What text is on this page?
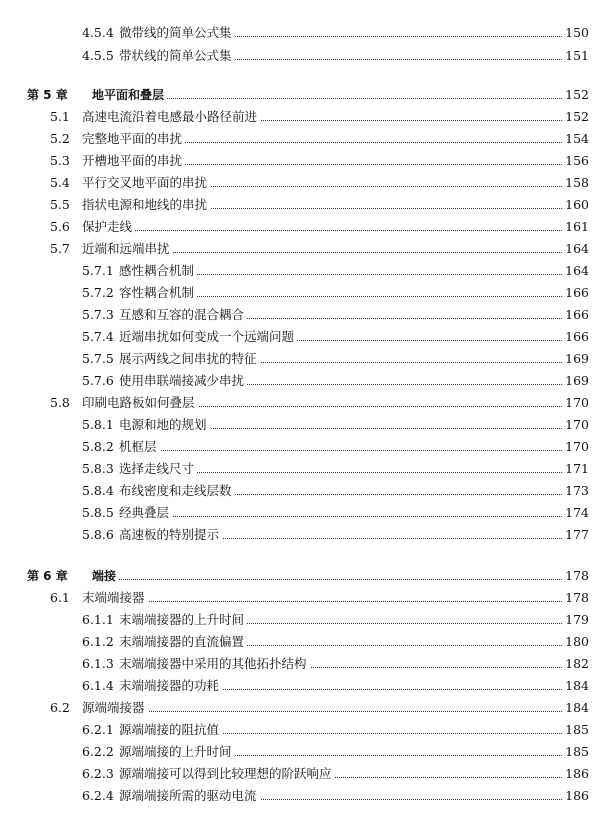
4.5.4 微带线的简单公式集	150
4.5.5 带状线的简单公式集	151
第 5 章 地平面和叠层	152
5.1 高速电流沿着电感最小路径前进	152
5.2 完整地平面的串扰	154
5.3 开槽地平面的串扰	156
5.4 平行交叉地平面的串扰	158
5.5 指状电源和地线的串扰	160
5.6 保护走线	161
5.7 近端和远端串扰	164
5.7.1 感性耦合机制	164
5.7.2 容性耦合机制	166
5.7.3 互感和互容的混合耦合	166
5.7.4 近端串扰如何变成一个远端问题	166
5.7.5 展示两线之间串扰的特征	169
5.7.6 使用串联端接减少串扰	169
5.8 印刷电路板如何叠层	170
5.8.1 电源和地的规划	170
5.8.2 机框层	170
5.8.3 选择走线尺寸	171
5.8.4 布线密度和走线层数	173
5.8.5 经典叠层	174
5.8.6 高速板的特别提示	177
第 6 章 端接	178
6.1 末端端接器	178
6.1.1 末端端接器的上升时间	179
6.1.2 末端端接器的直流偏置	180
6.1.3 末端端接器中采用的其他拓扑结构	182
6.1.4 末端端接器的功耗	184
6.2 源端端接器	184
6.2.1 源端端接的阻抗值	185
6.2.2 源端端接的上升时间	185
6.2.3 源端端接可以得到比较理想的阶跃响应	186
6.2.4 源端端接所需的驱动电流	186
